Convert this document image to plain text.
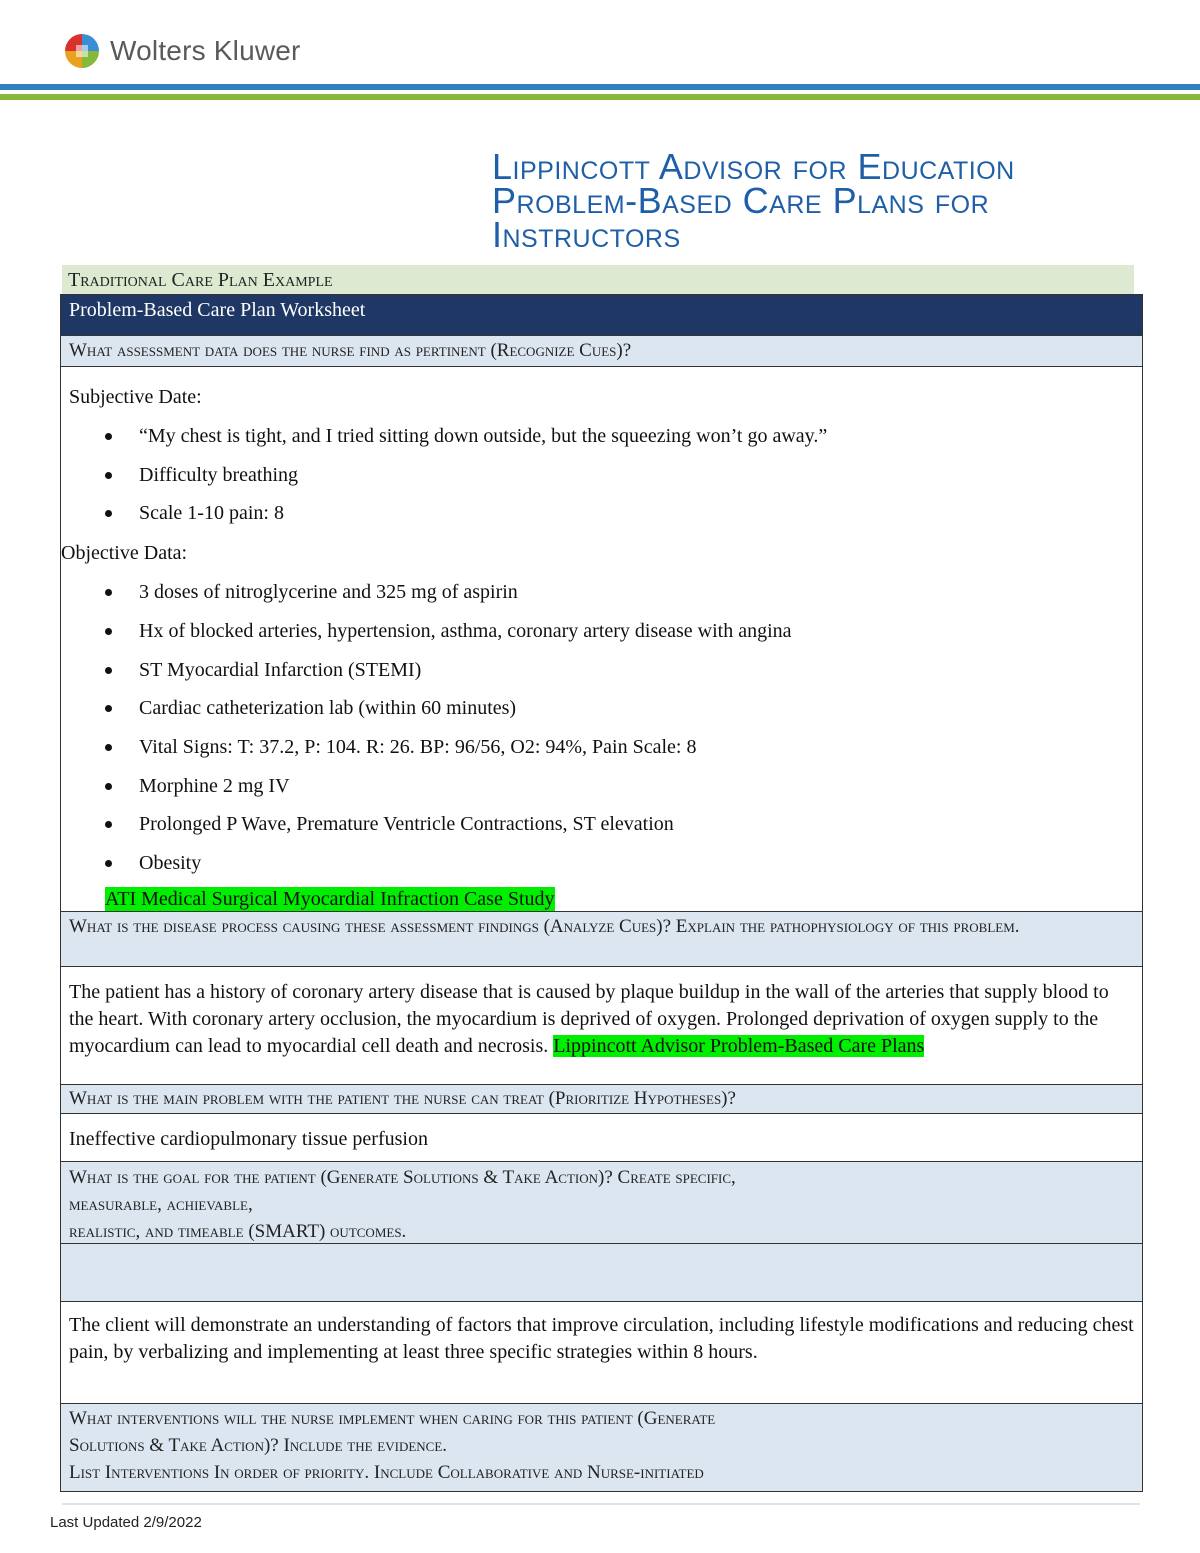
Wolters Kluwer
Lippincott Advisor for Education Problem-Based Care Plans for Instructors
Traditional Care Plan Example
Problem-Based Care Plan Worksheet
What assessment data does the nurse find as pertinent (Recognize Cues)?
Subjective Date:
“My chest is tight, and I tried sitting down outside, but the squeezing won’t go away.”
Difficulty breathing
Scale 1-10 pain: 8
Objective Data:
3 doses of nitroglycerine and 325 mg of aspirin
Hx of blocked arteries, hypertension, asthma, coronary artery disease with angina
ST Myocardial Infarction (STEMI)
Cardiac catheterization lab (within 60 minutes)
Vital Signs: T: 37.2, P: 104. R: 26. BP: 96/56, O2: 94%, Pain Scale: 8
Morphine 2 mg IV
Prolonged P Wave, Premature Ventricle Contractions, ST elevation
Obesity
ATI Medical Surgical Myocardial Infraction Case Study
What is the disease process causing these assessment findings (Analyze Cues)? Explain the pathophysiology of this problem.
The patient has a history of coronary artery disease that is caused by plaque buildup in the wall of the arteries that supply blood to the heart. With coronary artery occlusion, the myocardium is deprived of oxygen. Prolonged deprivation of oxygen supply to the myocardium can lead to myocardial cell death and necrosis. Lippincott Advisor Problem-Based Care Plans
What is the main problem with the patient the nurse can treat (Prioritize Hypotheses)?
Ineffective cardiopulmonary tissue perfusion
What is the goal for the patient (Generate Solutions & Take Action)? Create specific,
measurable, achievable,
realistic, and timeable (SMART) outcomes.
The client will demonstrate an understanding of factors that improve circulation, including lifestyle modifications and reducing chest pain, by verbalizing and implementing at least three specific strategies within 8 hours.
What interventions will the nurse implement when caring for this patient (Generate
Solutions & Take Action)? Include the evidence.
List Interventions In order of priority. Include Collaborative and Nurse-initiated
Last Updated 2/9/2022
